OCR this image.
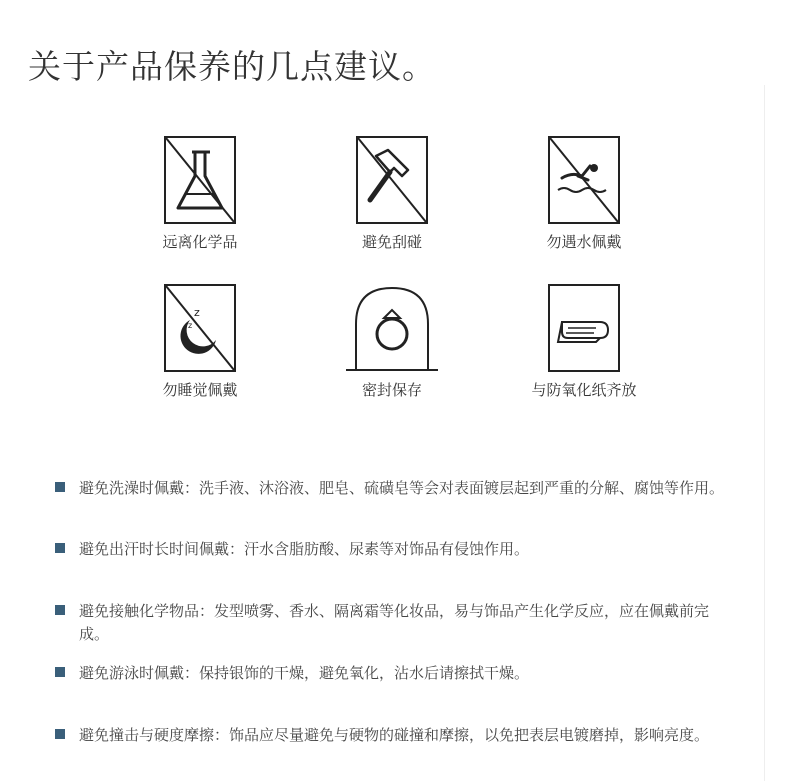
关于产品保养的几点建议。
远离化学品	避免刮碰	勿遇水佩戴
z
z
勿睡觉佩戴	密封保存	与防氧化纸齐放
避免洗澡时佩戴：洗手液、沐浴液、肥皂、硫磺皂等会对表面镀层起到严重的分解、腐蚀等作用。
避免出汗时长时间佩戴：汗水含脂肪酸、尿素等对饰品有侵蚀作用。
避免接触化学物品：发型喷雾、香水、隔离霜等化妆品，易与饰品产生化学反应，应在佩戴前完成。
避免游泳时佩戴：保持银饰的干燥，避免氧化，沾水后请擦拭干燥。
避免撞击与硬度摩擦：饰品应尽量避免与硬物的碰撞和摩擦，以免把表层电镀磨掉，影响亮度。
